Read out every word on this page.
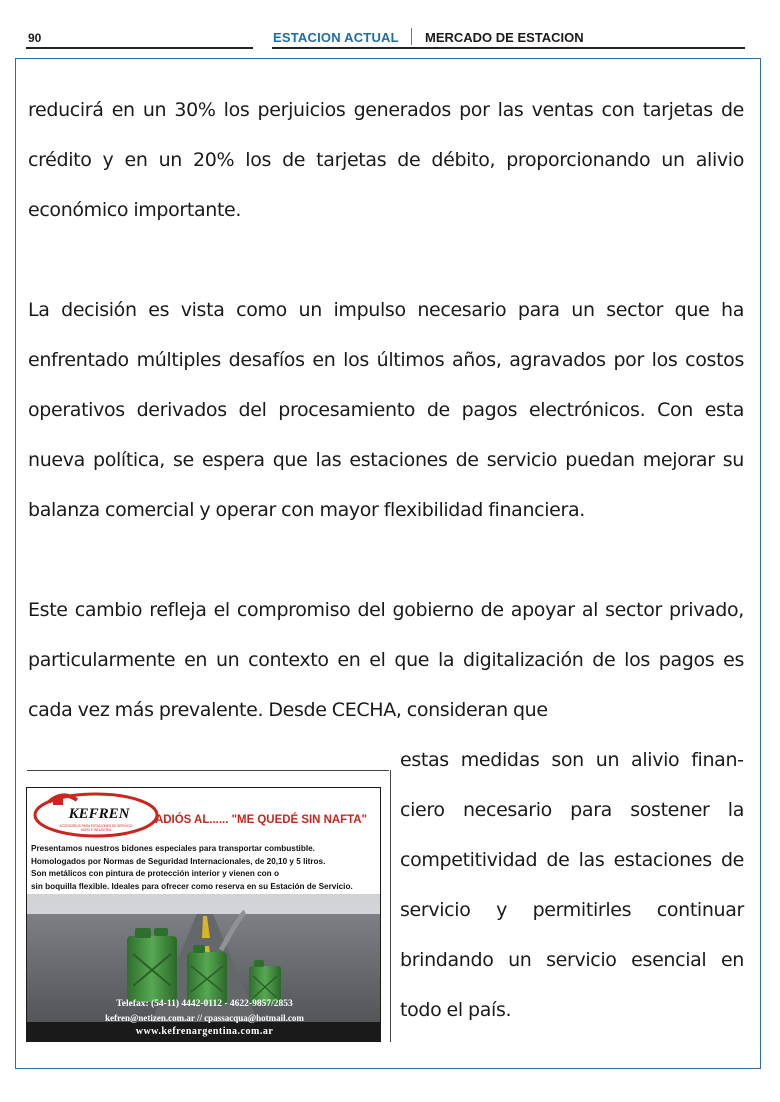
90	ESTACION ACTUAL MERCADO DE ESTACION

reducirá en un 30% los perjuicios generados por las ventas con tarjetas de crédito y en un 20% los de tarjetas de débito, proporcionando un alivio económico importante.

La decisión es vista como un impulso necesario para un sector que ha enfrentado múltiples desafíos en los últimos años, agravados por los costos operativos derivados del procesamiento de pagos electrónicos. Con esta nueva política, se espera que las estaciones de servicio puedan mejorar su balanza comercial y operar con mayor flexibilidad financiera.

Este cambio refleja el compromiso del gobierno de apoyar al sector privado, particularmente en un contexto en el que la digitalización de los pagos es cada vez más prevalente. Desde CECHA, consideran que

estas medidas son un alivio financiero necesario para sostener la competitividad de las estaciones de servicio y permitirles continuar brindando un servicio esencial en todo el país.

KEFREN
ACCESORIOS PARA ESTACIONES DE SERVICIO
AGRO E INDUSTRIA
ADIÓS AL...... "ME QUEDÉ SIN NAFTA"
Presentamos nuestros bidones especiales para transportar combustible.
Homologados por Normas de Seguridad Internacionales, de 20,10 y 5 litros.
Son metálicos con pintura de protección interior y vienen con o
sin boquilla flexible. Ideales para ofrecer como reserva en su Estación de Servicio.
Telefax: (54-11) 4442-0112 - 4622-9857/2853
kefren@netizen.com.ar // cpassacqua@hotmail.com
www.kefrenargentina.com.ar
